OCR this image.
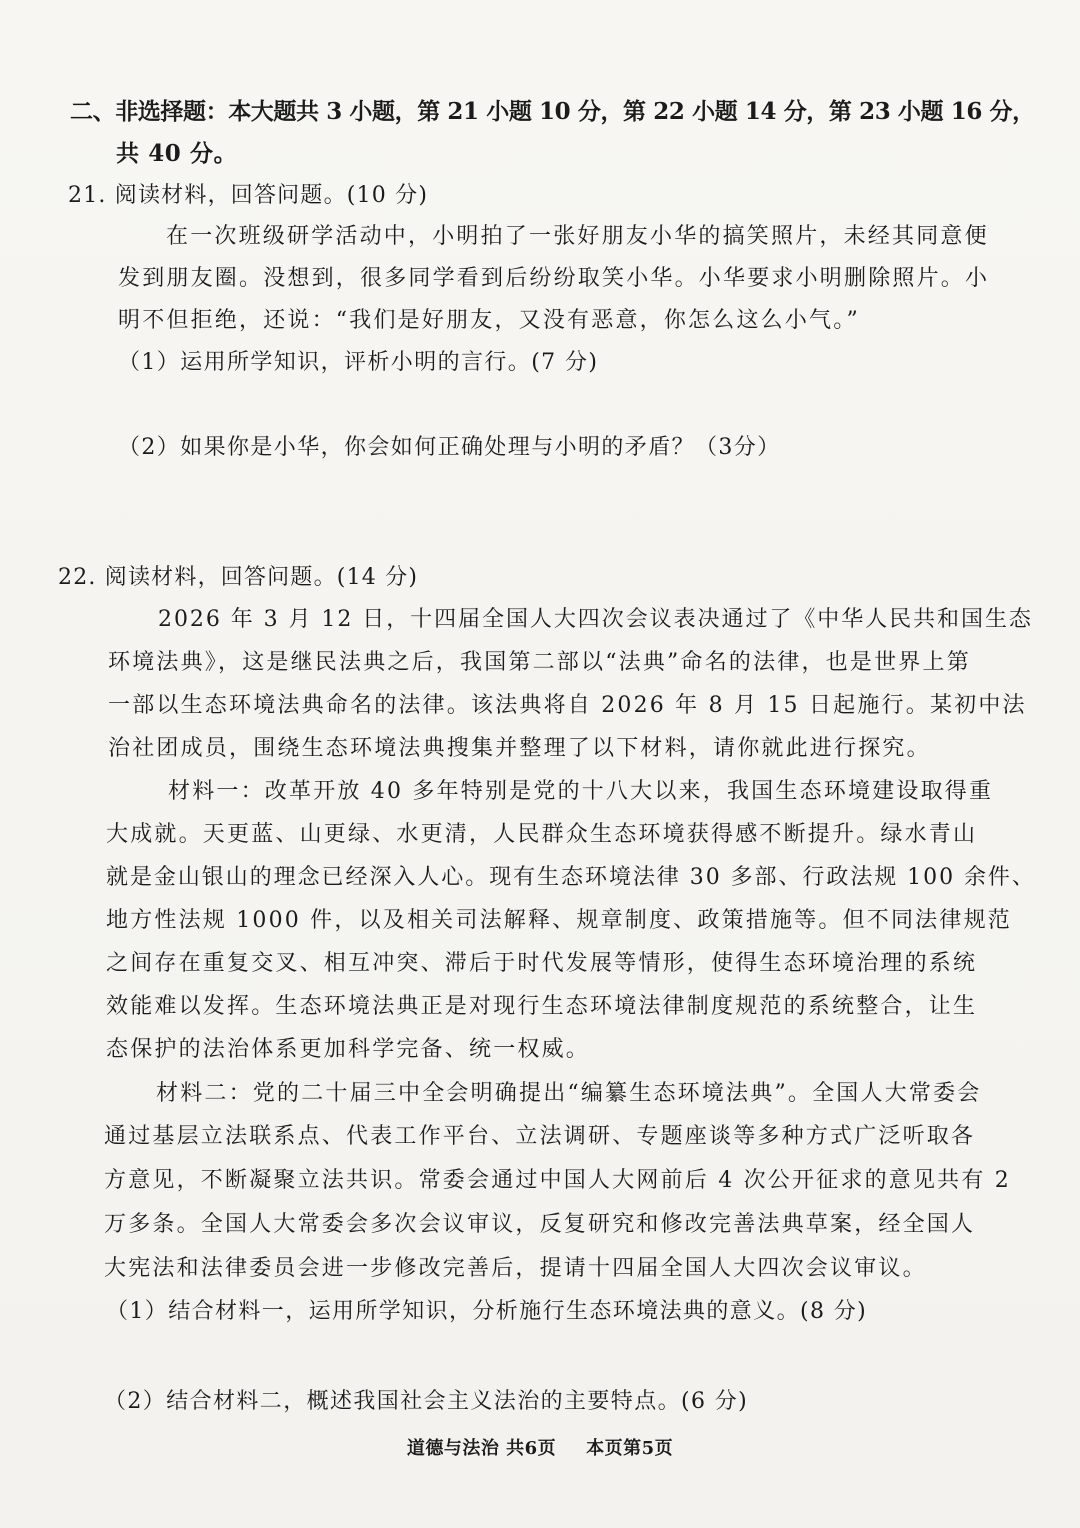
二、非选择题：本大题共 3 小题，第 21 小题 10 分，第 22 小题 14 分，第 23 小题 16 分，
共 40 分。
21. 阅读材料，回答问题。(10 分)
在一次班级研学活动中，小明拍了一张好朋友小华的搞笑照片，未经其同意便
发到朋友圈。没想到，很多同学看到后纷纷取笑小华。小华要求小明删除照片。小
明不但拒绝，还说：“我们是好朋友，又没有恶意，你怎么这么小气。”
（1）运用所学知识，评析小明的言行。(7 分)
（2）如果你是小华，你会如何正确处理与小明的矛盾？（3分）
22. 阅读材料，回答问题。(14 分)
2026 年 3 月 12 日，十四届全国人大四次会议表决通过了《中华人民共和国生态
环境法典》，这是继民法典之后，我国第二部以“法典”命名的法律，也是世界上第
一部以生态环境法典命名的法律。该法典将自 2026 年 8 月 15 日起施行。某初中法
治社团成员，围绕生态环境法典搜集并整理了以下材料，请你就此进行探究。
材料一：改革开放 40 多年特别是党的十八大以来，我国生态环境建设取得重
大成就。天更蓝、山更绿、水更清，人民群众生态环境获得感不断提升。绿水青山
就是金山银山的理念已经深入人心。现有生态环境法律 30 多部、行政法规 100 余件、
地方性法规 1000 件，以及相关司法解释、规章制度、政策措施等。但不同法律规范
之间存在重复交叉、相互冲突、滞后于时代发展等情形，使得生态环境治理的系统
效能难以发挥。生态环境法典正是对现行生态环境法律制度规范的系统整合，让生
态保护的法治体系更加科学完备、统一权威。
材料二：党的二十届三中全会明确提出“编纂生态环境法典”。全国人大常委会
通过基层立法联系点、代表工作平台、立法调研、专题座谈等多种方式广泛听取各
方意见，不断凝聚立法共识。常委会通过中国人大网前后 4 次公开征求的意见共有 2
万多条。全国人大常委会多次会议审议，反复研究和修改完善法典草案，经全国人
大宪法和法律委员会进一步修改完善后，提请十四届全国人大四次会议审议。
（1）结合材料一，运用所学知识，分析施行生态环境法典的意义。(8 分)
（2）结合材料二，概述我国社会主义法治的主要特点。(6 分)
道德与法治 共6页 本页第5页
